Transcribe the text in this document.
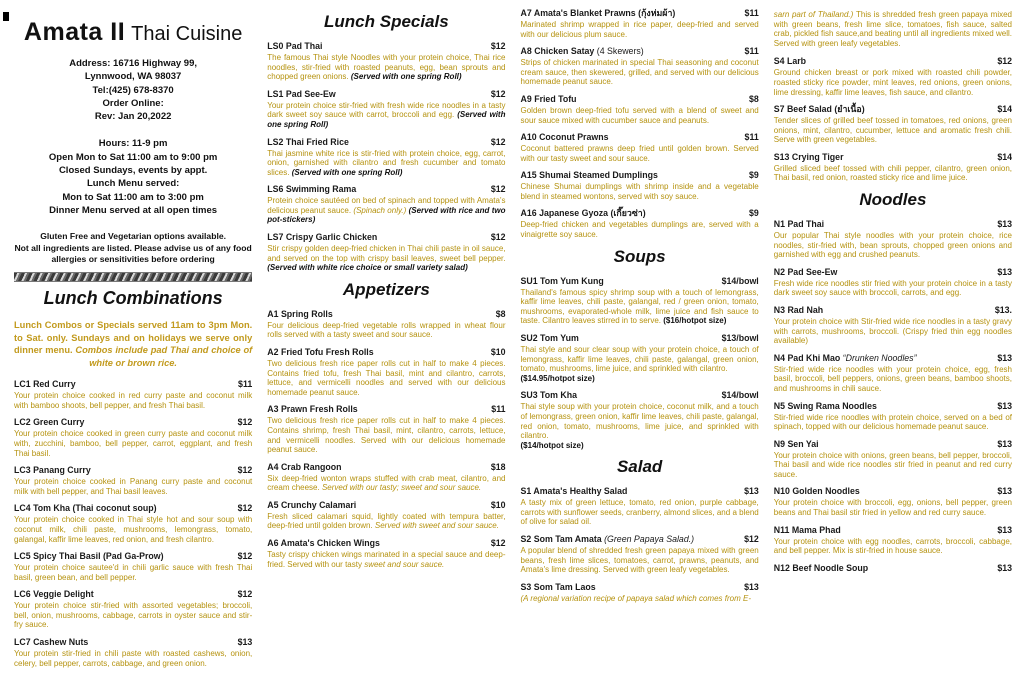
Amata II Thai Cuisine
Address: 16716 Highway 99,
Lynnwood, WA 98037
Tel:(425) 678-8370
Order Online:
Rev: Jan 20,2022
Hours: 11-9 pm
Open Mon to Sat 11:00 am to 9:00 pm
Closed Sundays, events by appt.
Lunch Menu served:
Mon to Sat 11:00 am to 3:00 pm
Dinner Menu served at all open times
Gluten Free and Vegetarian options available.
Not all ingredients are listed. Please advise us of any food
allergies or sensitivities before ordering
Lunch Combinations

Lunch Combos or Specials served 11am to 3pm Mon. to Sat. only. Sundays and on holidays we serve only dinner menu. Combos include pad Thai and choice of white or brown rice.

LC1 Red Curry	$11

Your protein choice cooked in red curry paste and coconut milk with bamboo shoots, bell pepper, and fresh Thai basil.

LC2 Green Curry	$12

Your protein choice cooked in green curry paste and coconut milk with, zucchini, bamboo, bell pepper, carrot, eggplant, and fresh Thai basil.

LC3 Panang Curry	$12

Your protein choice cooked in Panang curry paste and coconut milk with bell pepper, and Thai basil leaves.

LC4 Tom Kha (Thai coconut soup)	$12

Your protein choice cooked in Thai style hot and sour soup with coconut milk, chili paste, mushrooms, lemongrass, tomato, galangal, kaffir lime leaves, red onion, and fresh cilantro.

LC5 Spicy Thai Basil (Pad Ga-Prow)	$12

Your protein choice sautee'd in chili garlic sauce with fresh Thai basil, green bean, and bell pepper.

LC6 Veggie Delight	$12

Your protein choice stir-fried with assorted vegetables; broccoli, bell, onion, mushrooms, cabbage, carrots in oyster sauce and stir-fry sauce.

LC7 Cashew Nuts	$13

Your protein stir-fried in chili paste with roasted cashews, onion, celery, bell pepper, carrots, cabbage, and green onion.

Lunch Specials
LS0 Pad Thai	$12

The famous Thai style Noodles with your protein choice, Thai rice noodles, stir-fried with roasted peanuts, egg, bean sprouts and chopped green onions. (Served with one spring Roll)

LS1 Pad See-Ew	$12

Your protein choice stir-fried with fresh wide rice noodles in a tasty dark sweet soy sauce with carrot, broccoli and egg. (Served with one spring Roll)

LS2 Thai Fried Rice	$12

Thai jasmine white rice is stir-fried with protein choice, egg, carrot, onion, garnished with cilantro and fresh cucumber and tomato slices. (Served with one spring Roll)

LS6 Swimming Rama	$12

Protein choice sautéed on bed of spinach and topped with Amata's delicious peanut sauce. (Spinach only.) (Served with rice and two pot-stickers)

LS7 Crispy Garlic Chicken	$12

Stir crispy golden deep-fried chicken in Thai chili paste in oil sauce, and served on the top with crispy basil leaves, sweet bell pepper. (Served with white rice choice or small variety salad)

Appetizers
A1 Spring Rolls	$8

Four delicious deep-fried vegetable rolls wrapped in wheat flour rolls served with a tasty sweet and sour sauce.

A2 Fried Tofu Fresh Rolls	$10

Two delicious fresh rice paper rolls cut in half to make 4 pieces. Contains fried tofu, fresh Thai basil, mint and cilantro, carrots, lettuce, and vermicelli noodles and served with our delicious homemade peanut sauce.

A3 Prawn Fresh Rolls	$11

Two delicious fresh rice paper rolls cut in half to make 4 pieces. Contains shrimp, fresh Thai basil, mint, cilantro, carrots, lettuce, and vermicelli noodles. Served with our delicious homemade peanut sauce.

A4 Crab Rangoon	$18

Six deep-fried wonton wraps stuffed with crab meat, cilantro, and cream cheese. Served with our tasty; sweet and sour sauce.

A5 Crunchy Calamari	$10

Fresh sliced calamari squid, lightly coated with tempura batter, deep-fried until golden brown. Served with sweet and sour sauce.

A6 Amata's Chicken Wings	$12

Tasty crispy chicken wings marinated in a special sauce and deep-fried. Served with our tasty sweet and sour sauce.

A7 Amata's Blanket Prawns (กุ้งห่มผ้า)	$11

Marinated shrimp wrapped in rice paper, deep-fried and served with our delicious plum sauce.

A8 Chicken Satay (4 Skewers)	$11

Strips of chicken marinated in special Thai seasoning and coconut cream sauce, then skewered, grilled, and served with our delicious homemade peanut sauce.

A9 Fried Tofu	$8

Golden brown deep-fried tofu served with a blend of sweet and sour sauce mixed with cucumber sauce and peanuts.

A10 Coconut Prawns	$11

Coconut battered prawns deep fried until golden brown. Served with our tasty sweet and sour sauce.

A15 Shumai Steamed Dumplings	$9

Chinese Shumai dumplings with shrimp inside and a vegetable blend in steamed wontons, served with soy sauce.

A16 Japanese Gyoza (เกี๊ยวซ่า)	$9

Deep-fried chicken and vegetables dumplings are, served with a vinaigrette soy sauce.

Soups
SU1 Tom Yum Kung	$14/bowl

Thailand's famous spicy shrimp soup with a touch of lemongrass, kaffir lime leaves, chili paste, galangal, red / green onion, tomato, mushrooms, evaporated-whole milk, lime juice and fish sauce to taste. Cilantro leaves stirred in to serve. ($16/hotpot size)

SU2 Tom Yum	$13/bowl

Thai style and sour clear soup with your protein choice, a touch of lemongrass, kaffir lime leaves, chili paste, galangal, green onion, tomato, mushrooms, lime juice, and sprinkled with cilantro.
($14.95/hotpot size)

SU3 Tom Kha	$14/bowl

Thai style soup with your protein choice, coconut milk, and a touch of lemongrass, green onion, kaffir lime leaves, chili paste, galangal, red onion, tomato, mushrooms, lime juice, and sprinkled with cilantro.
($14/hotpot size)

Salad
S1 Amata's Healthy Salad	$13

A tasty mix of green lettuce, tomato, red onion, purple cabbage, carrots with sunflower seeds, cranberry, almond slices, and a blend of olive for salad oil.

S2 Som Tam Amata (Green Papaya Salad.)	$12

A popular blend of shredded fresh green papaya mixed with green beans, fresh lime slices, tomatoes, carrot, prawns, peanuts, and Amata's lime dressing. Served with green leafy vegetables.

S3 Som Tam Laos	$13

(A regional variation recipe of papaya salad which comes from E-

sarn part of Thailand.) This is shredded fresh green papaya mixed with green beans, fresh lime slice, tomatoes, fish sauce, salted crab, pickled fish sauce,and beating until all ingredients mixed well. Served with green leafy vegetables.

S4 Larb	$12

Ground chicken breast or pork mixed with roasted chili powder, roasted sticky rice powder, mint leaves, red onions, green onions, lime dressing, kaffir lime leaves, fish sauce, and cilantro.

S7 Beef Salad (ยำเนื้อ)	$14

Tender slices of grilled beef tossed in tomatoes, red onions, green onions, mint, cilantro, cucumber, lettuce and aromatic fresh chili. Serve with green vegetables.

S13 Crying Tiger	$14

Grilled sliced beef tossed with chili pepper, cilantro, green onion, Thai basil, red onion, roasted sticky rice and lime juice.

Noodles
N1 Pad Thai	$13

Our popular Thai style noodles with your protein choice, rice noodles, stir-fried with, bean sprouts, chopped green onions and garnished with egg and crushed peanuts.

N2 Pad See-Ew	$13

Fresh wide rice noodles stir fried with your protein choice in a tasty dark sweet soy sauce with broccoli, carrots, and egg.

N3 Rad Nah	$13.

Your protein choice with Stir-fried wide rice noodles in a tasty gravy with carrots, mushrooms, broccoli. (Crispy fried thin egg noodles available)

N4 Pad Khi Mao “Drunken Noodles”	$13

Stir-fried wide rice noodles with your protein choice, egg, fresh basil, broccoli, bell peppers, onions, green beans, bamboo shoots, and mushrooms in chili sauce.

N5 Swing Rama Noodles	$13

Stir-fried wide rice noodles with protein choice, served on a bed of spinach, topped with our delicious homemade peanut sauce.

N9 Sen Yai	$13

Your protein choice with onions, green beans, bell pepper, broccoli, Thai basil and wide rice noodles stir fried in peanut and red curry sauce.

N10 Golden Noodles	$13

Your protein choice with broccoli, egg, onions, bell pepper, green beans and Thai basil stir fried in yellow and red curry sauce.

N11 Mama Phad	$13

Your protein choice with egg noodles, carrots, broccoli, cabbage, and bell pepper. Mix is stir-fried in house sauce.

N12 Beef Noodle Soup	$13
